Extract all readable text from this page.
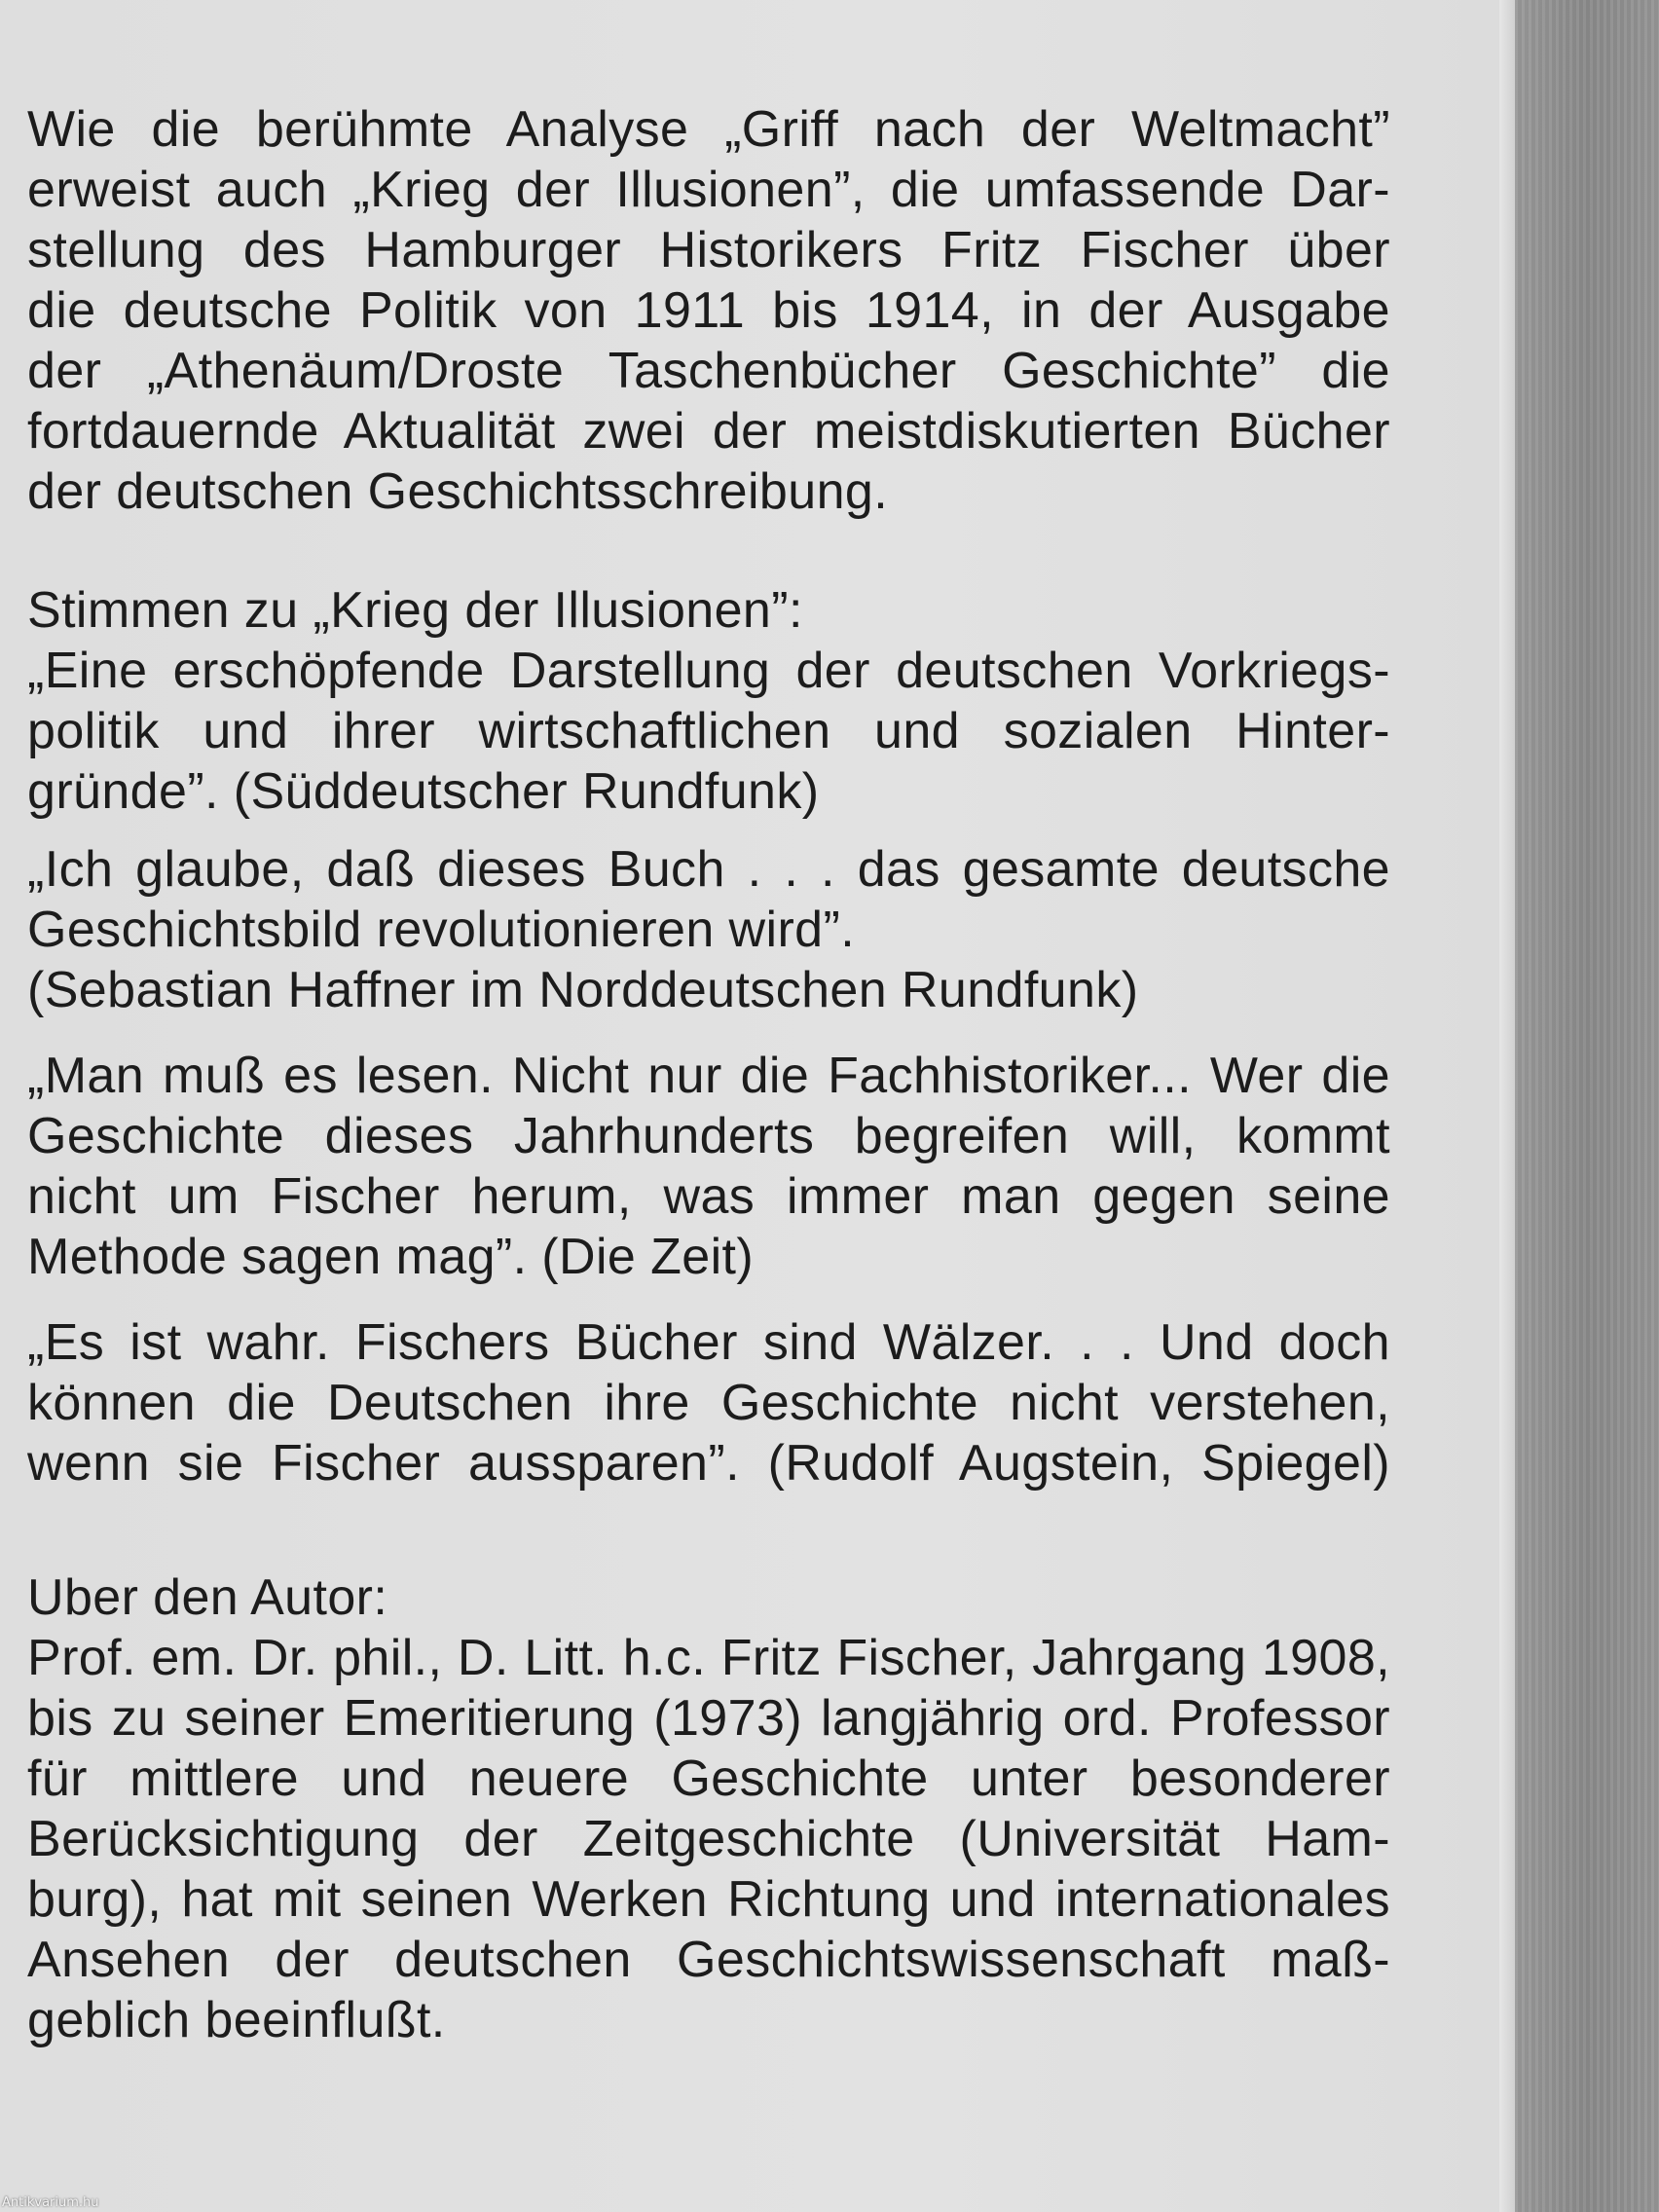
Wie die berühmte Analyse „Griff nach der Weltmacht”
erweist auch „Krieg der Illusionen”, die umfassende Dar-
stellung des Hamburger Historikers Fritz Fischer über
die deutsche Politik von 1911 bis 1914, in der Ausgabe
der „Athenäum/Droste Taschenbücher Geschichte” die
fortdauernde Aktualität zwei der meistdiskutierten Bücher
der deutschen Geschichtsschreibung.
Stimmen zu „Krieg der Illusionen”:
„Eine erschöpfende Darstellung der deutschen Vorkriegs-
politik und ihrer wirtschaftlichen und sozialen Hinter-
gründe”. (Süddeutscher Rundfunk)
„Ich glaube, daß dieses Buch . . . das gesamte deutsche
Geschichtsbild revolutionieren wird”.
(Sebastian Haffner im Norddeutschen Rundfunk)
„Man muß es lesen. Nicht nur die Fachhistoriker... Wer die
Geschichte dieses Jahrhunderts begreifen will, kommt
nicht um Fischer herum, was immer man gegen seine
Methode sagen mag”. (Die Zeit)
„Es ist wahr. Fischers Bücher sind Wälzer. . . Und doch
können die Deutschen ihre Geschichte nicht verstehen,
wenn sie Fischer aussparen”. (Rudolf Augstein, Spiegel)
Uber den Autor:
Prof. em. Dr. phil., D. Litt. h.c. Fritz Fischer, Jahrgang 1908,
bis zu seiner Emeritierung (1973) langjährig ord. Professor
für mittlere und neuere Geschichte unter besonderer
Berücksichtigung der Zeitgeschichte (Universität Ham-
burg), hat mit seinen Werken Richtung und internationales
Ansehen der deutschen Geschichtswissenschaft maß-
geblich beeinflußt.
Antikvarium.hu
